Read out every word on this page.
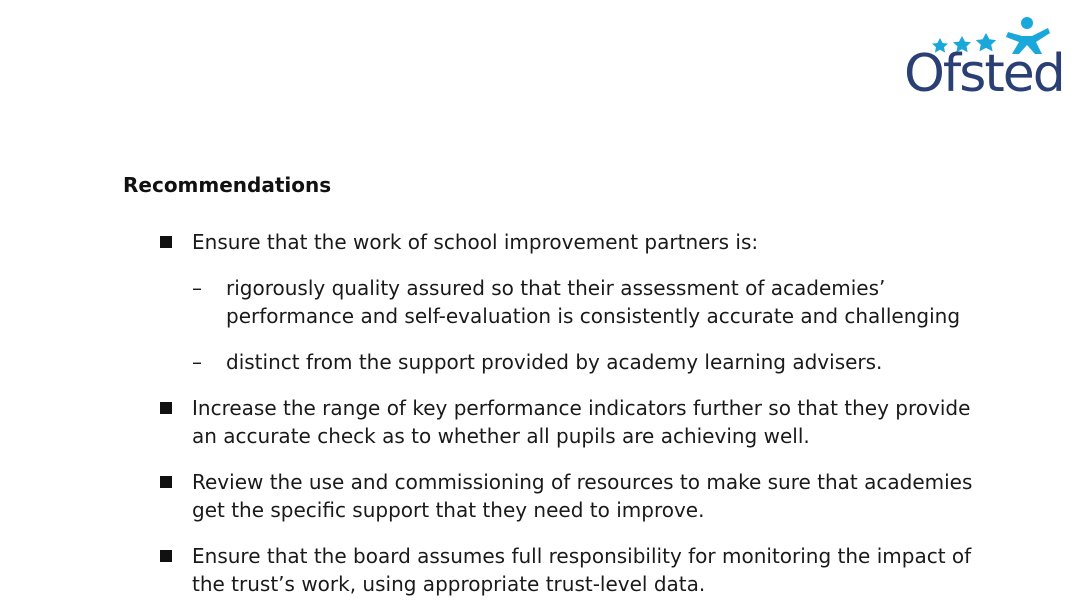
Ofsted
Recommendations
Ensure that the work of school improvement partners is:
– rigorously quality assured so that their assessment of academies’ performance and self-evaluation is consistently accurate and challenging
– distinct from the support provided by academy learning advisers.
Increase the range of key performance indicators further so that they provide an accurate check as to whether all pupils are achieving well.
Review the use and commissioning of resources to make sure that academies get the specific support that they need to improve.
Ensure that the board assumes full responsibility for monitoring the impact of the trust’s work, using appropriate trust-level data.
